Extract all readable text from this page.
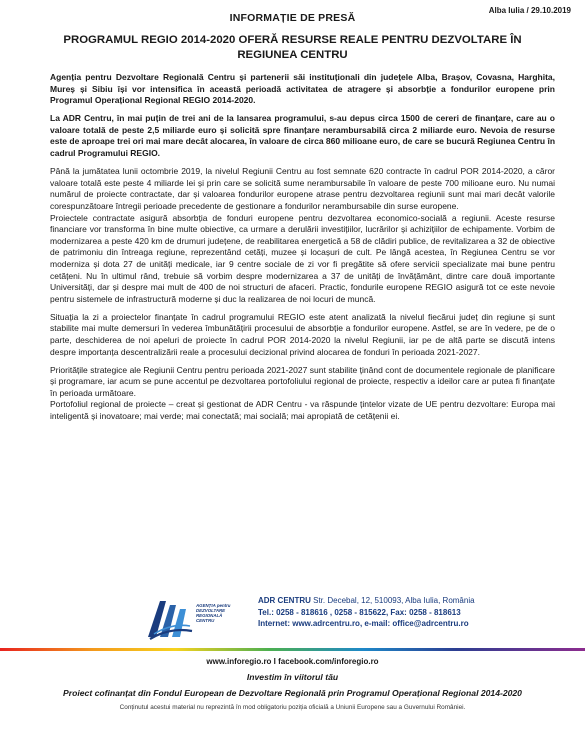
Alba Iulia / 29.10.2019
INFORMAȚIE DE PRESĂ
PROGRAMUL REGIO 2014-2020 OFERĂ RESURSE REALE PENTRU DEZVOLTARE ÎN REGIUNEA CENTRU

Agenția pentru Dezvoltare Regională Centru și partenerii săi instituționali din județele Alba, Brașov, Covasna, Harghita, Mureș și Sibiu își vor intensifica în această perioadă activitatea de atragere și absorbție a fondurilor europene prin Programul Operațional Regional REGIO 2014-2020.

La ADR Centru, în mai puțin de trei ani de la lansarea programului, s-au depus circa 1500 de cereri de finanțare, care au o valoare totală de peste 2,5 miliarde euro și solicită spre finanțare nerambursabilă circa 2 miliarde euro. Nevoia de resurse este de aproape trei ori mai mare decât alocarea, în valoare de circa 860 milioane euro, de care se bucură Regiunea Centru în cadrul Programului REGIO.

Până la jumătatea lunii octombrie 2019, la nivelul Regiunii Centru au fost semnate 620 contracte în cadrul POR 2014-2020, a căror valoare totală este peste 4 miliarde lei și prin care se solicită sume nerambursabile în valoare de peste 700 milioane euro. Nu numai numărul de proiecte contractate, dar și valoarea fondurilor europene atrase pentru dezvoltarea regiunii sunt mai mari decât valorile corespunzătoare întregii perioade precedente de gestionare a fondurilor nerambursabile din surse europene.

Proiectele contractate asigură absorbția de fonduri europene pentru dezvoltarea economico-socială a regiunii. Aceste resurse financiare vor transforma în bine multe obiective, ca urmare a derulării investițiilor, lucrărilor și achizițiilor de echipamente. Vorbim de modernizarea a peste 420 km de drumuri județene, de reabilitarea energetică a 58 de clădiri publice, de revitalizarea a 32 de obiective de patrimoniu din întreaga regiune, reprezentând cetăți, muzee și locașuri de cult. Pe lângă acestea, în Regiunea Centru se vor moderniza și dota 27 de unități medicale, iar 9 centre sociale de zi vor fi pregătite să ofere servicii specializate mai bune pentru cetățeni. Nu în ultimul rând, trebuie să vorbim despre modernizarea a 37 de unități de învățământ, dintre care două importante Universități, dar și despre mai mult de 400 de noi structuri de afaceri. Practic, fondurile europene REGIO asigură tot ce este nevoie pentru sistemele de infrastructură moderne și duc la realizarea de noi locuri de muncă.

Situația la zi a proiectelor finanțate în cadrul programului REGIO este atent analizată la nivelul fiecărui județ din regiune și sunt stabilite mai multe demersuri în vederea îmbunătățirii procesului de absorbție a fondurilor europene. Astfel, se are în vedere, pe de o parte, deschiderea de noi apeluri de proiecte în cadrul POR 2014-2020 la nivelul Regiunii, iar pe de altă parte se discută intens despre importanța descentralizării reale a procesului decizional privind alocarea de fonduri în perioada 2021-2027.

Prioritățile strategice ale Regiunii Centru pentru perioada 2021-2027 sunt stabilite ținând cont de documentele regionale de planificare și programare, iar acum se pune accentul pe dezvoltarea portofoliului regional de proiecte, respectiv a ideilor care ar putea fi finanțate în perioada următoare.

Portofoliul regional de proiecte – creat și gestionat de ADR Centru - va răspunde țintelor vizate de UE pentru dezvoltare: Europa mai inteligentă și inovatoare; mai verde; mai conectată; mai socială; mai apropiată de cetățenii ei.

AGENȚIA pentru
DEZVOLTARE
REGIONALĂ
CENTRU
ADR CENTRU Str. Decebal, 12, 510093, Alba Iulia, România
Tel.: 0258 - 818616 , 0258 - 815622, Fax: 0258 - 818613
Internet: www.adrcentru.ro, e-mail: office@adrcentru.ro
www.inforegio.ro I facebook.com/inforegio.ro
Investim în viitorul tău
Proiect cofinanțat din Fondul European de Dezvoltare Regională prin Programul Operațional Regional 2014-2020
Conținutul acestui material nu reprezintă în mod obligatoriu poziția oficială a Uniunii Europene sau a Guvernului României.
